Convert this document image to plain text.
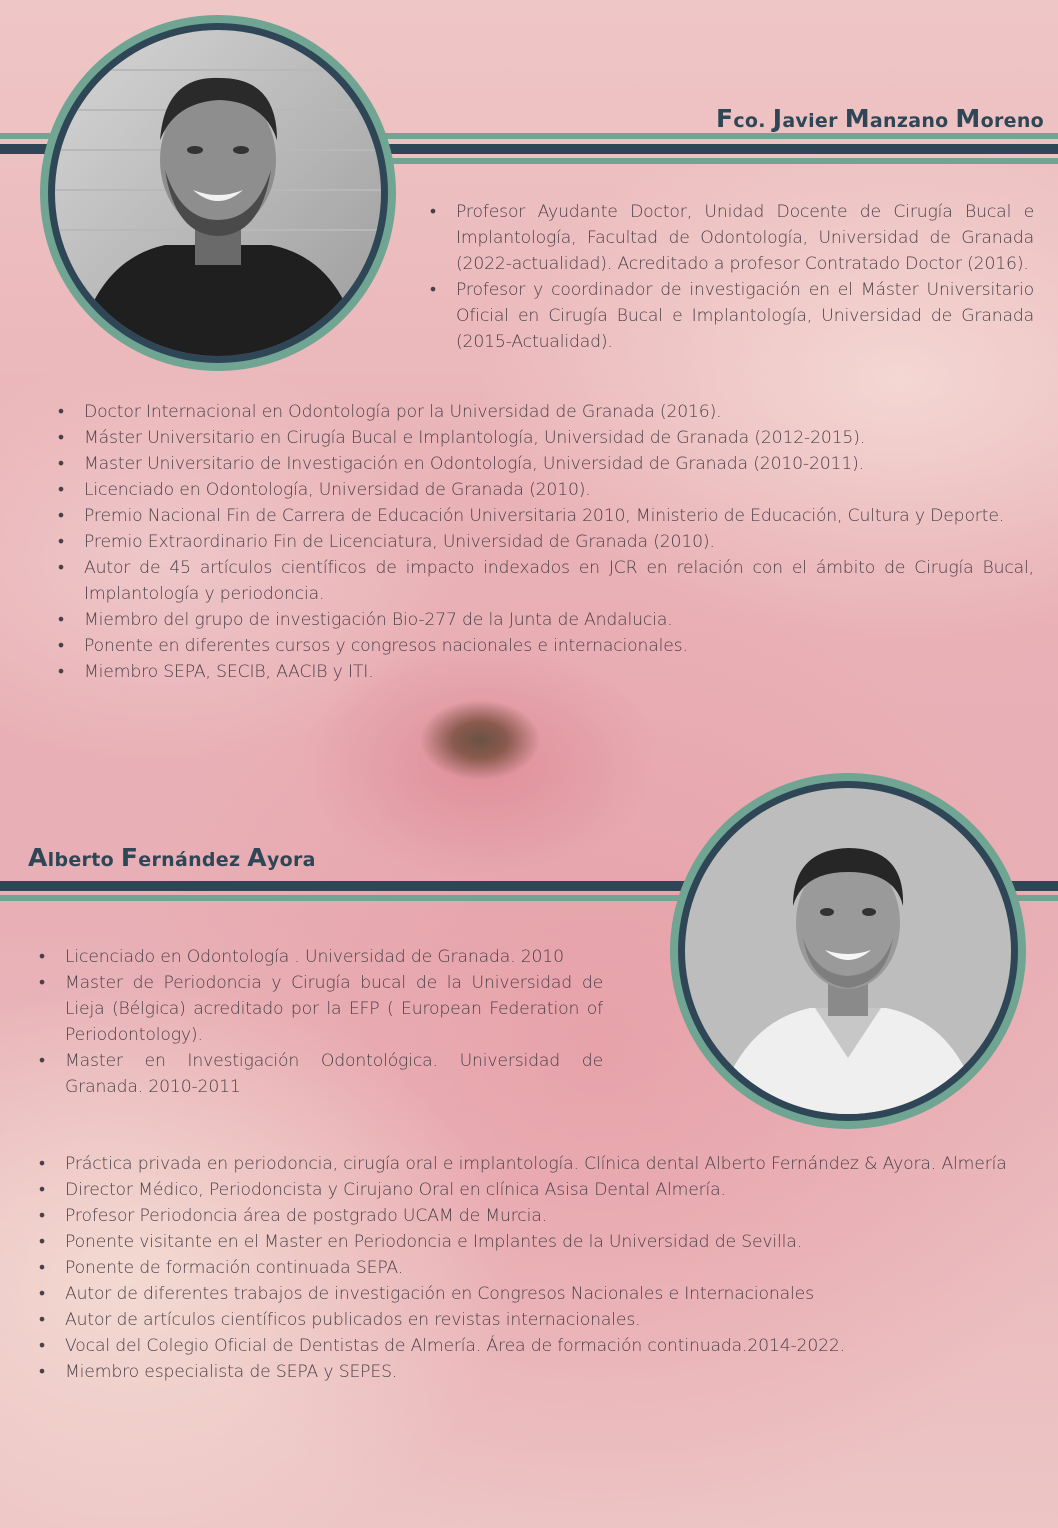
Fco. Javier Manzano Moreno
• Profesor Ayudante Doctor, Unidad Docente de Cirugía Bucal e Implantología, Facultad de Odontología, Universidad de Granada (2022-actualidad). Acreditado a profesor Contratado Doctor (2016).
• Profesor y coordinador de investigación en el Máster Universitario Oficial en Cirugía Bucal e Implantología, Universidad de Granada (2015-Actualidad).
• Doctor Internacional en Odontología por la Universidad de Granada (2016).
• Máster Universitario en Cirugía Bucal e Implantología, Universidad de Granada (2012-2015).
• Master Universitario de Investigación en Odontología, Universidad de Granada (2010-2011).
• Licenciado en Odontología, Universidad de Granada (2010).
• Premio Nacional Fin de Carrera de Educación Universitaria 2010, Ministerio de Educación, Cultura y Deporte.
• Premio Extraordinario Fin de Licenciatura, Universidad de Granada (2010).
• Autor de 45 artículos científicos de impacto indexados en JCR en relación con el ámbito de Cirugía Bucal, Implantología y periodoncia.
• Miembro del grupo de investigación Bio-277 de la Junta de Andalucia.
• Ponente en diferentes cursos y congresos nacionales e internacionales.
• Miembro SEPA, SECIB, AACIB y ITI.
Alberto Fernández Ayora
• Licenciado en Odontología . Universidad de Granada. 2010
• Master de Periodoncia y Cirugía bucal de la Universidad de Lieja (Bélgica) acreditado por la EFP ( European Federation of Periodontology).
• Master en Investigación Odontológica. Universidad de Granada. 2010-2011
• Práctica privada en periodoncia, cirugía oral e implantología. Clínica dental Alberto Fernández & Ayora. Almería
• Director Médico, Periodoncista y Cirujano Oral en clínica Asisa Dental Almería.
• Profesor Periodoncia área de postgrado UCAM de Murcia.
• Ponente visitante en el Master en Periodoncia e Implantes de la Universidad de Sevilla.
• Ponente de formación continuada SEPA.
• Autor de diferentes trabajos de investigación en Congresos Nacionales e Internacionales
• Autor de artículos científicos publicados en revistas internacionales.
• Vocal del Colegio Oficial de Dentistas de Almería. Área de formación continuada.2014-2022.
• Miembro especialista de SEPA y SEPES.
